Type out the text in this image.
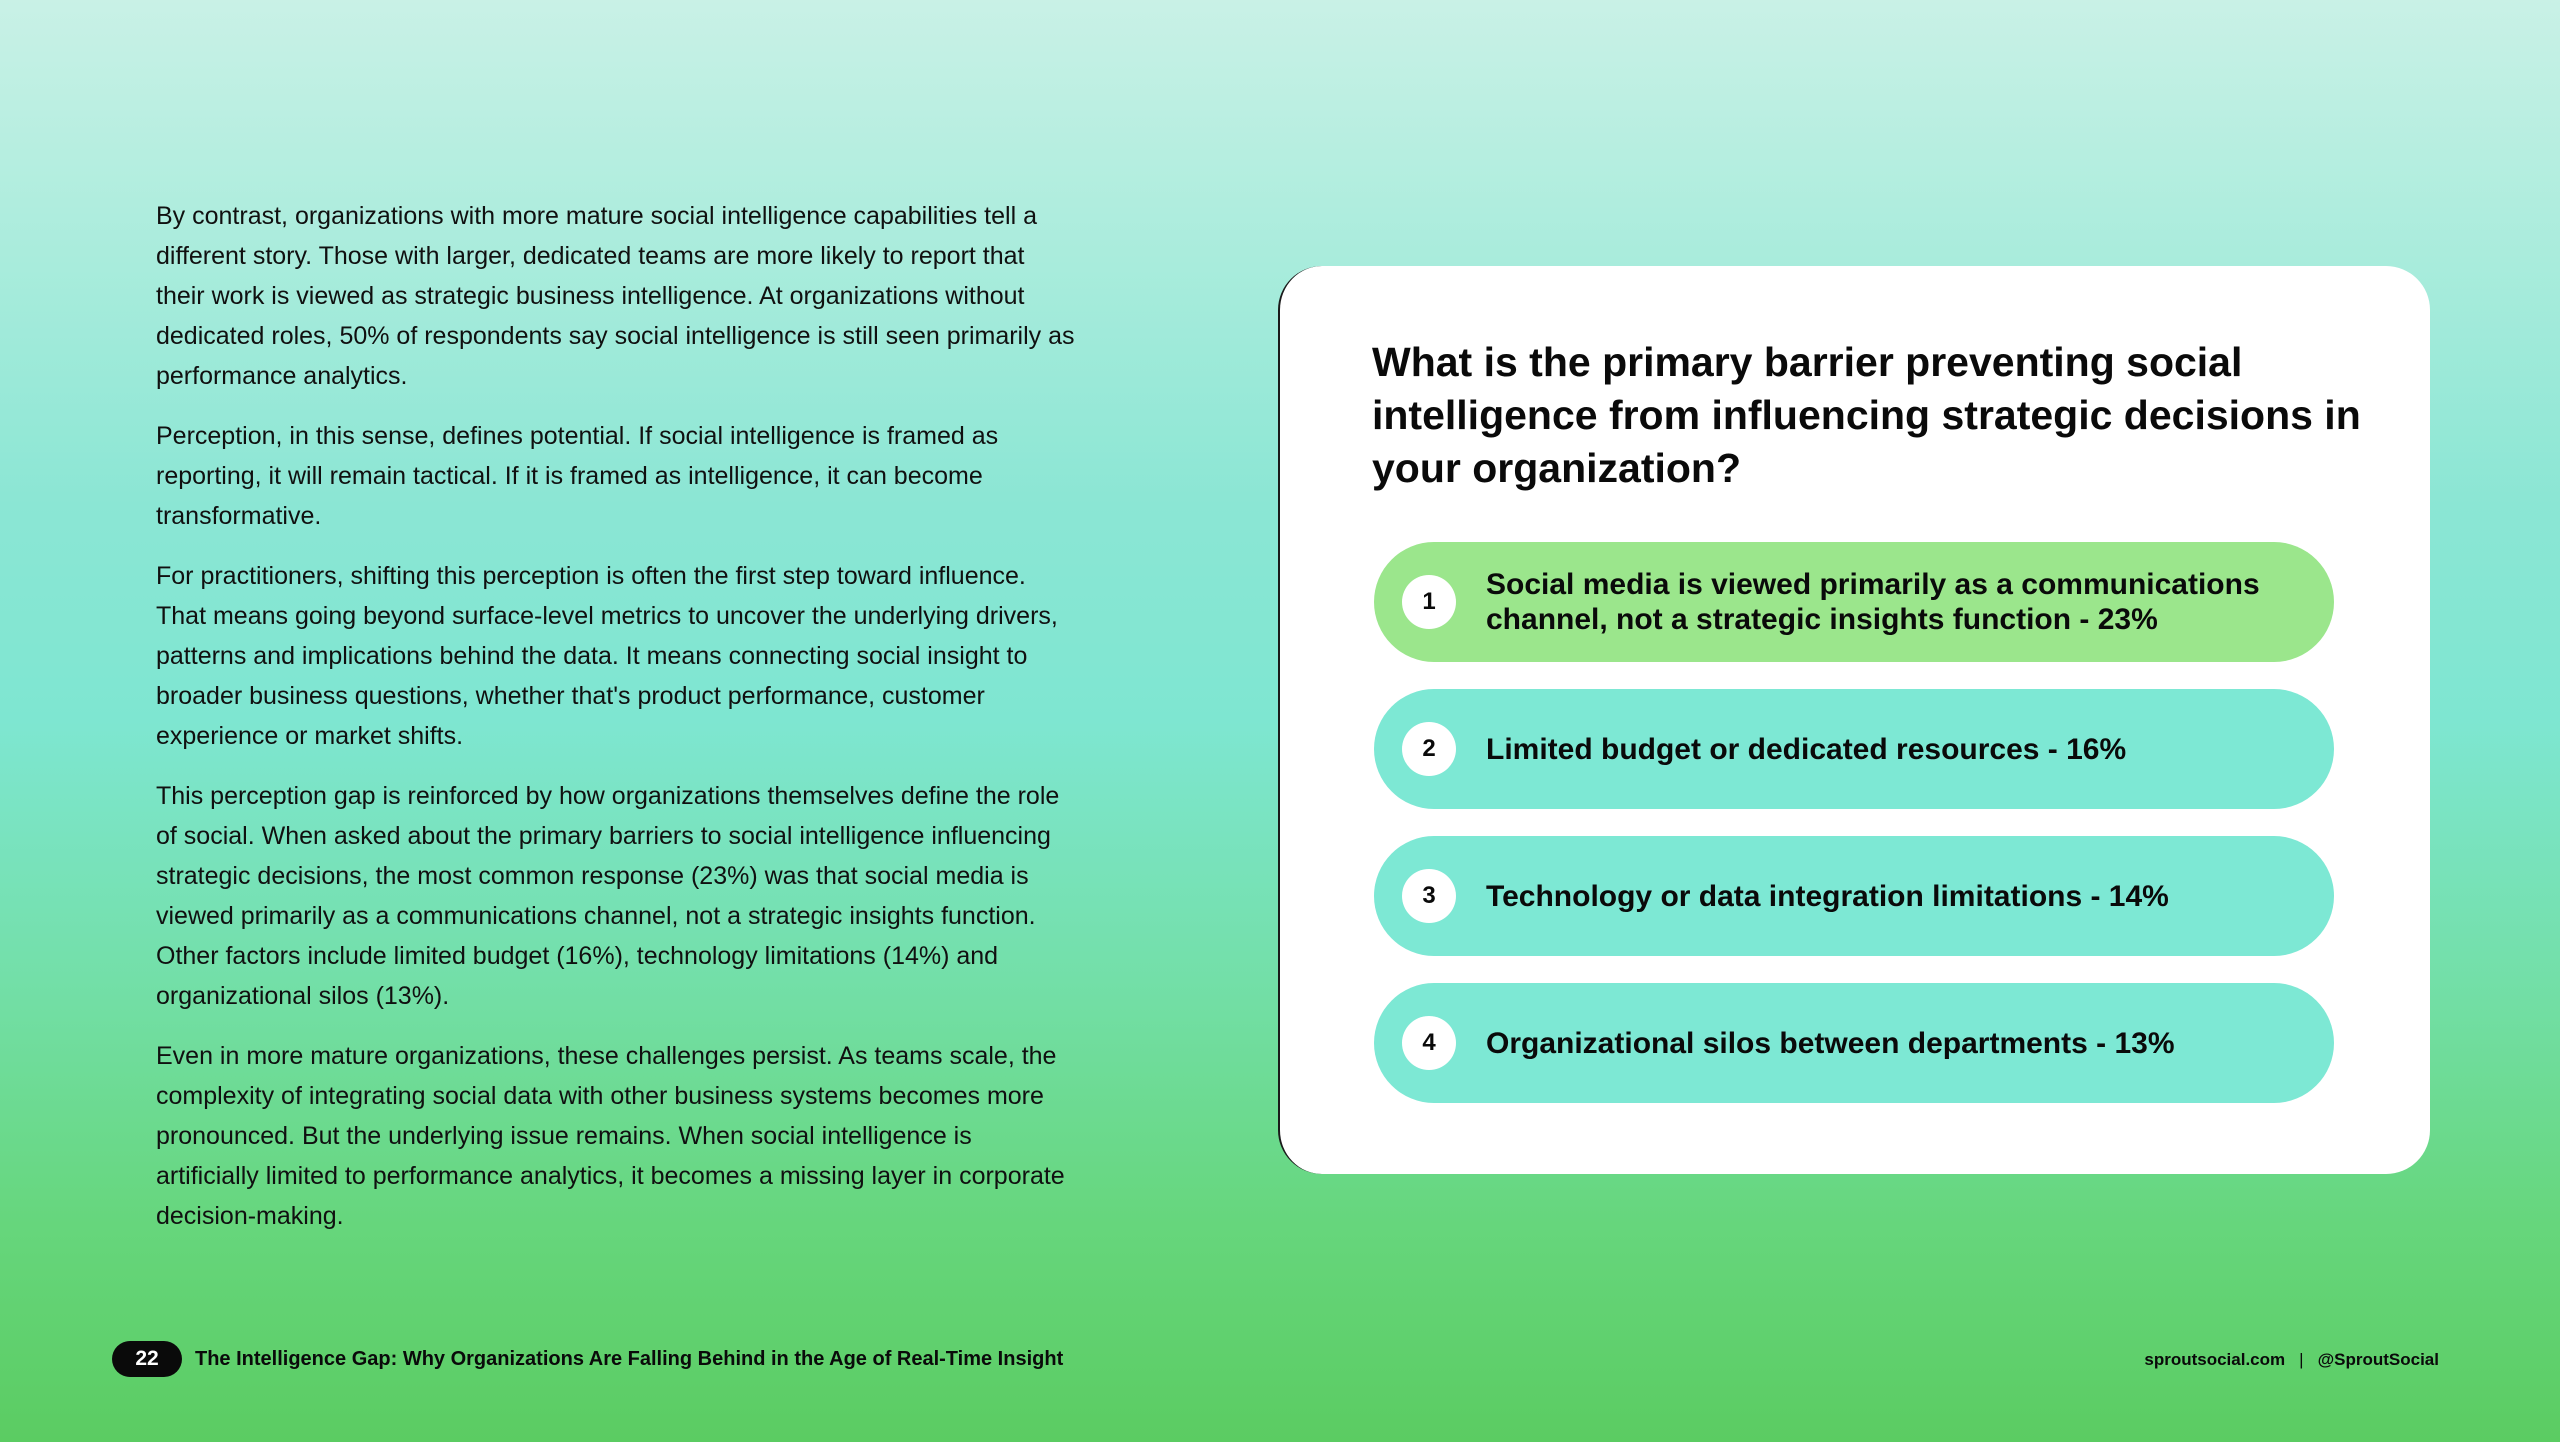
By contrast, organizations with more mature social intelligence capabilities tell a different story. Those with larger, dedicated teams are more likely to report that their work is viewed as strategic business intelligence. At organizations without dedicated roles, 50% of respondents say social intelligence is still seen primarily as performance analytics.

Perception, in this sense, defines potential. If social intelligence is framed as reporting, it will remain tactical. If it is framed as intelligence, it can become transformative.

For practitioners, shifting this perception is often the first step toward influence. That means going beyond surface-level metrics to uncover the underlying drivers, patterns and implications behind the data. It means connecting social insight to broader business questions, whether that's product performance, customer experience or market shifts.

This perception gap is reinforced by how organizations themselves define the role of social. When asked about the primary barriers to social intelligence influencing strategic decisions, the most common response (23%) was that social media is viewed primarily as a communications channel, not a strategic insights function. Other factors include limited budget (16%), technology limitations (14%) and organizational silos (13%).

Even in more mature organizations, these challenges persist. As teams scale, the complexity of integrating social data with other business systems becomes more pronounced. But the underlying issue remains. When social intelligence is artificially limited to performance analytics, it becomes a missing layer in corporate decision-making.

What is the primary barrier preventing social intelligence from influencing strategic decisions in your organization?
1
Social media is viewed primarily as a communications channel, not a strategic insights function - 23%
2	Limited budget or dedicated resources - 16%
3	Technology or data integration limitations - 14%
4	Organizational silos between departments - 13%
22	The Intelligence Gap: Why Organizations Are Falling Behind in the Age of Real-Time Insight	sproutsocial.com | @SproutSocial
